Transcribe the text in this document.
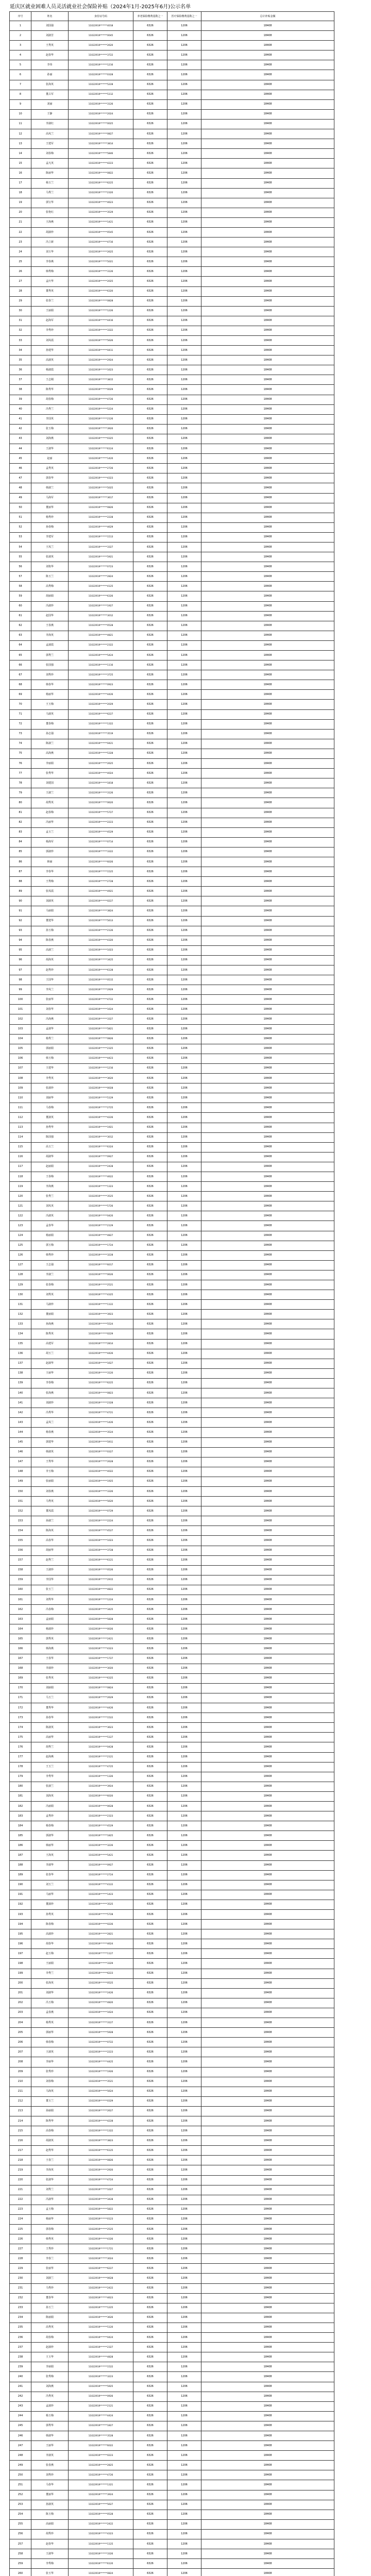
延庆区就业困难人员灵活就业社会保险补贴（2024年1月-2025年6月)公示名单
序号	姓名	身份证号码	养老保险缴费基数之一	医疗保险缴费基数之一	总计补贴金额
1	刘国强	11022919******4018	6326	1206	18408
2	刘淑芳	11022919******0045	6326	1206	18408
3	王秀英	11022919******2620	6326	1206	18408
4	赵春华	11022919******3722	6326	1206	18408
5	李伟	11022919******1216	6326	1206	18408
6	孙丽	11022919******0328	6326	1206	18408
7	张海英	11022919******5228	6326	1206	18408
8	董占军	11022919******5112	6326	1206	18408
9	刘丽	11022919******3126	6326	1206	18408
10	王静	11022919******2024	6326	1206	18408
11	李淑红	11022919******0025	6326	1206	18408
12	高凤兰	11022919******0827	6326	1206	18408
13	王建军	11022919******3814	6326	1206	18408
14	刘春梅	11022919******5846	6326	1206	18408
15	孟凡英	11022919******4223	6326	1206	18408
16	陈丽华	11022919******0822	6326	1206	18408
17	杨玉兰	11022919******6225	6326	1206	18408
18	马秀兰	11022919******2320	6326	1206	18408
19	郭宝华	11022919******4623	6326	1206	18408
20	张艳红	11022919******3529	6326	1206	18408
21	王海燕	11022919******1421	6326	1206	18408
22	胡淑珍	11022919******0545	6326	1206	18408
23	冯立新	11022919******4716	6326	1206	18408
24	刘玉华	11022919******2625	6326	1206	18408
25	李春燕	11022919******5021	6326	1206	18408
26	韩秀梅	11022919******3126	6326	1206	18408
27	孟庆华	11022919******2025	6326	1206	18408
28	董秀英	11022919******6320	6326	1206	18408
29	张春兰	11022919******0828	6326	1206	18408
30	王丽娟	11022919******1226	6326	1206	18408
31	赵海军	11022919******4416	6326	1206	18408
32	李秀珍	11022919******3322	6326	1206	18408
33	刘凤霞	11022919******5626	6326	1206	18408
34	孙建华	11022919******0411	6326	1206	18408
35	高淑英	11022919******2924	6326	1206	18408
36	杨淑霞	11022919******1623	6326	1206	18408
37	王志刚	11022919******3815	6326	1206	18408
38	陈秀华	11022919******0029	6326	1206	18408
39	胡春梅	11022919******4726	6326	1206	18408
40	冯秀兰	11022919******5224	6326	1206	18408
41	李国英	11022919******2126	6326	1206	18408
42	张玉梅	11022919******3920	6326	1206	18408
43	刘海燕	11022919******0325	6326	1206	18408
44	王淑华	11022919******6124	6326	1206	18408
45	赵丽	11022919******1420	6326	1206	18408
46	孟秀英	11022919******2726	6326	1206	18408
47	郭春华	11022919******4323	6326	1206	18408
48	韩淑兰	11022919******5025	6326	1206	18408
49	马海军	11022919******3617	6326	1206	18408
50	董丽华	11022919******0826	6326	1206	18408
51	杨秀珍	11022919******2228	6326	1206	18408
52	孙春梅	11022919******4629	6326	1206	18408
53	李建军	11022919******1513	6326	1206	18408
54	王凤兰	11022919******3327	6326	1206	18408
55	张淑英	11022919******5921	6326	1206	18408
56	刘艳华	11022919******0723	6326	1206	18408
57	陈玉兰	11022919******2824	6326	1206	18408
58	高秀梅	11022919******4125	6326	1206	18408
59	胡丽娟	11022919******6326	6326	1206	18408
60	冯淑珍	11022919******1927	6326	1206	18408
61	赵国华	11022919******3012	6326	1206	18408
62	王春燕	11022919******0528	6326	1206	18408
63	李海英	11022919******4821	6326	1206	18408
64	孟淑霞	11022919******2322	6326	1206	18408
65	郭秀兰	11022919******5424	6326	1206	18408
66	张国强	11022919******1116	6326	1206	18408
67	刘秀珍	11022919******3725	6326	1206	18408
68	韩春华	11022919******0923	6326	1206	18408
69	杨丽华	11022919******4426	6326	1206	18408
70	王玉梅	11022919******2029	6326	1206	18408
71	马淑英	11022919******6227	6326	1206	18408
72	董春梅	11022919******1322	6326	1206	18408
73	孙志强	11022919******3519	6326	1206	18408
74	陈淑兰	11022919******0421	6326	1206	18408
75	高海燕	11022919******5328	6326	1206	18408
76	李丽娟	11022919******2625	6326	1206	18408
77	张秀华	11022919******4024	6326	1206	18408
78	刘建国	11022919******1818	6326	1206	18408
79	王淑兰	11022919******3126	6326	1206	18408
80	胡秀英	11022919******0620	6326	1206	18408
81	赵春梅	11022919******5727	6326	1206	18408
82	冯丽华	11022919******2223	6326	1206	18408
83	孟玉兰	11022919******4529	6326	1206	18408
84	杨海军	11022919******0714	6326	1206	18408
85	郭淑珍	11022919******3322	6326	1206	18408
86	韩丽	11022919******6026	6326	1206	18408
87	李春华	11022919******1525	6326	1206	18408
88	王秀梅	11022919******2728	6326	1206	18408
89	张凤霞	11022919******4921	6326	1206	18408
90	刘淑英	11022919******0227	6326	1206	18408
91	马丽娟	11022919******3824	6326	1206	18408
92	董建华	11022919******5613	6326	1206	18408
93	孙玉梅	11022919******2126	6326	1206	18408
94	陈春燕	11022919******4320	6326	1206	18408
95	高淑兰	11022919******1023	6326	1206	18408
96	胡海英	11022919******3425	6326	1206	18408
97	赵秀珍	11022919******6128	6326	1206	18408
98	王国华	11022919******0515	6326	1206	18408
99	李凤兰	11022919******2929	6326	1206	18408
100	张丽华	11022919******4722	6326	1206	18408
101	刘春华	11022919******1624	6326	1206	18408
102	冯海燕	11022919******3327	6326	1206	18408
103	孟淑华	11022919******5821	6326	1206	18408
104	杨秀兰	11022919******0826	6326	1206	18408
105	郭丽娟	11022919******2325	6326	1206	18408
106	韩玉梅	11022919******4423	6326	1206	18408
107	王建华	11022919******1216	6326	1206	18408
108	李秀英	11022919******3620	6326	1206	18408
109	张淑珍	11022919******0028	6326	1206	18408
110	刘丽华	11022919******5129	6326	1206	18408
111	马春梅	11022919******2725	6326	1206	18408
112	董淑英	11022919******4226	6326	1206	18408
113	孙秀华	11022919******1921	6326	1206	18408
114	陈国强	11022919******3012	6326	1206	18408
115	高玉兰	11022919******6324	6326	1206	18408
116	胡淑华	11022919******0927	6326	1206	18408
117	赵丽娟	11022919******2428	6326	1206	18408
118	王春梅	11022919******4622	6326	1206	18408
119	李海燕	11022919******1323	6326	1206	18408
120	张秀兰	11022919******3525	6326	1206	18408
121	刘凤英	11022919******5726	6326	1206	18408
122	冯淑英	11022919******0420	6326	1206	18408
123	孟春华	11022919******2129	6326	1206	18408
124	杨丽娟	11022919******4827	6326	1206	18408
125	郭玉梅	11022919******1724	6326	1206	18408
126	韩秀珍	11022919******3228	6326	1206	18408
127	王志强	11022919******6017	6326	1206	18408
128	李淑兰	11022919******0626	6326	1206	18408
129	张春梅	11022919******2521	6326	1206	18408
130	刘秀英	11022919******4325	6326	1206	18408
131	马淑珍	11022919******1122	6326	1206	18408
132	董丽娟	11022919******3923	6326	1206	18408
133	孙海燕	11022919******5524	6326	1206	18408
134	陈秀英	11022919******0229	6326	1206	18408
135	高建军	11022919******2814	6326	1206	18408
136	胡玉兰	11022919******4426	6326	1206	18408
137	赵淑华	11022919******1627	6326	1206	18408
138	王丽华	11022919******3120	6326	1206	18408
139	李春梅	11022919******6225	6326	1206	18408
140	张海燕	11022919******0823	6326	1206	18408
141	刘淑珍	11022919******2328	6326	1206	18408
142	冯秀华	11022919******4721	6326	1206	18408
143	孟凤兰	11022919******1426	6326	1206	18408
144	杨春燕	11022919******3524	6326	1206	18408
145	郭建华	11022919******5911	6326	1206	18408
146	韩淑英	11022919******0327	6326	1206	18408
147	王秀华	11022919******2628	6326	1206	18408
148	李玉梅	11022919******4022	6326	1206	18408
149	张丽娟	11022919******1925	6326	1206	18408
150	刘春燕	11022919******3326	6326	1206	18408
151	马秀英	11022919******5620	6326	1206	18408
152	董凤霞	11022919******0729	6326	1206	18408
153	孙淑兰	11022919******2224	6326	1206	18408
154	陈海英	11022919******4527	6326	1206	18408
155	高春华	11022919******1023	6326	1206	18408
156	胡丽华	11022919******3728	6326	1206	18408
157	赵秀兰	11022919******6121	6326	1206	18408
158	王淑珍	11022919******0526	6326	1206	18408
159	李国华	11022919******2915	6326	1206	18408
160	张玉兰	11022919******4822	6326	1206	18408
161	刘秀华	11022919******1224	6326	1206	18408
162	冯春梅	11022919******3425	6326	1206	18408
163	孟丽娟	11022919******5828	6326	1206	18408
164	杨淑珍	11022919******0026	6326	1206	18408
165	郭秀英	11022919******2421	6326	1206	18408
166	韩海燕	11022919******4323	6326	1206	18408
167	王春华	11022919******1727	6326	1206	18408
168	李淑珍	11022919******3020	6326	1206	18408
169	张秀英	11022919******6325	6326	1206	18408
170	刘丽娟	11022919******0824	6326	1206	18408
171	马玉兰	11022919******2629	6326	1206	18408
172	董秀华	11022919******4426	6326	1206	18408
173	孙春华	11022919******1522	6326	1206	18408
174	陈淑英	11022919******3623	6326	1206	18408
175	高丽华	11022919******5127	6326	1206	18408
176	胡秀兰	11022919******0428	6326	1206	18408
177	赵海燕	11022919******2121	6326	1206	18408
178	王玉兰	11022919******4725	6326	1206	18408
179	李秀华	11022919******1326	6326	1206	18408
180	张淑兰	11022919******3924	6326	1206	18408
181	刘海英	11022919******6020	6326	1206	18408
182	冯丽娟	11022919******0628	6326	1206	18408
183	孟秀珍	11022919******2323	6326	1206	18408
184	杨春梅	11022919******4529	6326	1206	18408
185	郭淑华	11022919******1825	6326	1206	18408
186	韩丽华	11022919******3226	6326	1206	18408
187	王海英	11022919******5421	6326	1206	18408
188	李淑华	11022919******0927	6326	1206	18408
189	张春华	11022919******2724	6326	1206	18408
190	刘玉兰	11022919******4122	6326	1206	18408
191	马丽华	11022919******1423	6326	1206	18408
192	董淑珍	11022919******3525	6326	1206	18408
193	孙秀英	11022919******5728	6326	1206	18408
194	陈春梅	11022919******0226	6326	1206	18408
195	高淑珍	11022919******2821	6326	1206	18408
196	胡春华	11022919******4624	6326	1206	18408
197	赵玉梅	11022919******1127	6326	1206	18408
198	王丽娟	11022919******3329	6326	1206	18408
199	李秀兰	11022919******6223	6326	1206	18408
200	张海英	11022919******0525	6326	1206	18408
201	刘淑华	11022919******2426	6326	1206	18408
202	冯玉梅	11022919******4820	6326	1206	18408
203	孟春燕	11022919******1624	6326	1206	18408
204	杨秀英	11022919******3127	6326	1206	18408
205	郭丽华	11022919******5928	6326	1206	18408
206	韩春梅	11022919******0722	6326	1206	18408
207	王淑英	11022919******2223	6326	1206	18408
208	李丽华	11022919******4425	6326	1206	18408
209	张秀珍	11022919******1926	6326	1206	18408
210	刘春梅	11022919******3521	6326	1206	18408
211	马海英	11022919******5624	6326	1206	18408
212	董玉兰	11022919******0329	6326	1206	18408
213	孙丽娟	11022919******2627	6326	1206	18408
214	陈秀华	11022919******4228	6326	1206	18408
215	高春梅	11022919******1322	6326	1206	18408
216	胡淑英	11022919******3823	6326	1206	18408
217	赵秀华	11022919******6125	6326	1206	18408
218	王春兰	11022919******0826	6326	1206	18408
219	李海英	11022919******2920	6326	1206	18408
220	张淑华	11022919******4724	6326	1206	18408
221	刘秀兰	11022919******1027	6326	1206	18408
222	冯淑华	11022919******3428	6326	1206	18408
223	孟玉梅	11022919******5822	6326	1206	18408
224	杨丽华	11022919******0123	6326	1206	18408
225	郭春梅	11022919******2525	6326	1206	18408
226	韩秀英	11022919******4326	6326	1206	18408
227	王秀珍	11022919******1721	6326	1206	18408
228	李春兰	11022919******3024	6326	1206	18408
229	张丽华	11022919******6227	6326	1206	18408
230	刘淑兰	11022919******0628	6326	1206	18408
231	马秀珍	11022919******2422	6326	1206	18408
232	董春华	11022919******4623	6326	1206	18408
233	孙玉兰	11022919******1225	6326	1206	18408
234	陈丽娟	11022919******3626	6326	1206	18408
235	高秀英	11022919******5120	6326	1206	18408
236	胡春梅	11022919******0424	6326	1206	18408
237	赵淑珍	11022919******2327	6326	1206	18408
238	王玉华	11022919******4828	6326	1206	18408
239	李丽娟	11022919******1522	6326	1206	18408
240	张秀梅	11022919******3223	6326	1206	18408
241	刘海燕	11022919******5925	6326	1206	18408
242	冯秀英	11022919******0926	6326	1206	18408
243	孟淑珍	11022919******2121	6326	1206	18408
244	杨玉梅	11022919******4424	6326	1206	18408
245	郭秀华	11022919******1827	6326	1206	18408
246	韩淑华	11022919******3528	6326	1206	18408
247	王丽华	11022919******6022	6326	1206	18408
248	李淑英	11022919******0223	6326	1206	18408
249	张春燕	11022919******2825	6326	1206	18408
250	刘秀珍	11022919******4726	6326	1206	18408
251	马春华	11022919******1321	6326	1206	18408
252	董丽华	11022919******3924	6326	1206	18408
253	孙淑英	11022919******5627	6326	1206	18408
254	陈玉梅	11022919******0528	6326	1206	18408
255	高丽娟	11022919******2422	6326	1206	18408
256	胡秀珍	11022919******4323	6326	1206	18408
257	赵春华	11022919******1125	6326	1206	18408
258	王淑华	11022919******3326	6326	1206	18408
259	李秀梅	11022919******6120	6326	1206	18408
260	张玉华	11022919******0824	6326	1206	18408
